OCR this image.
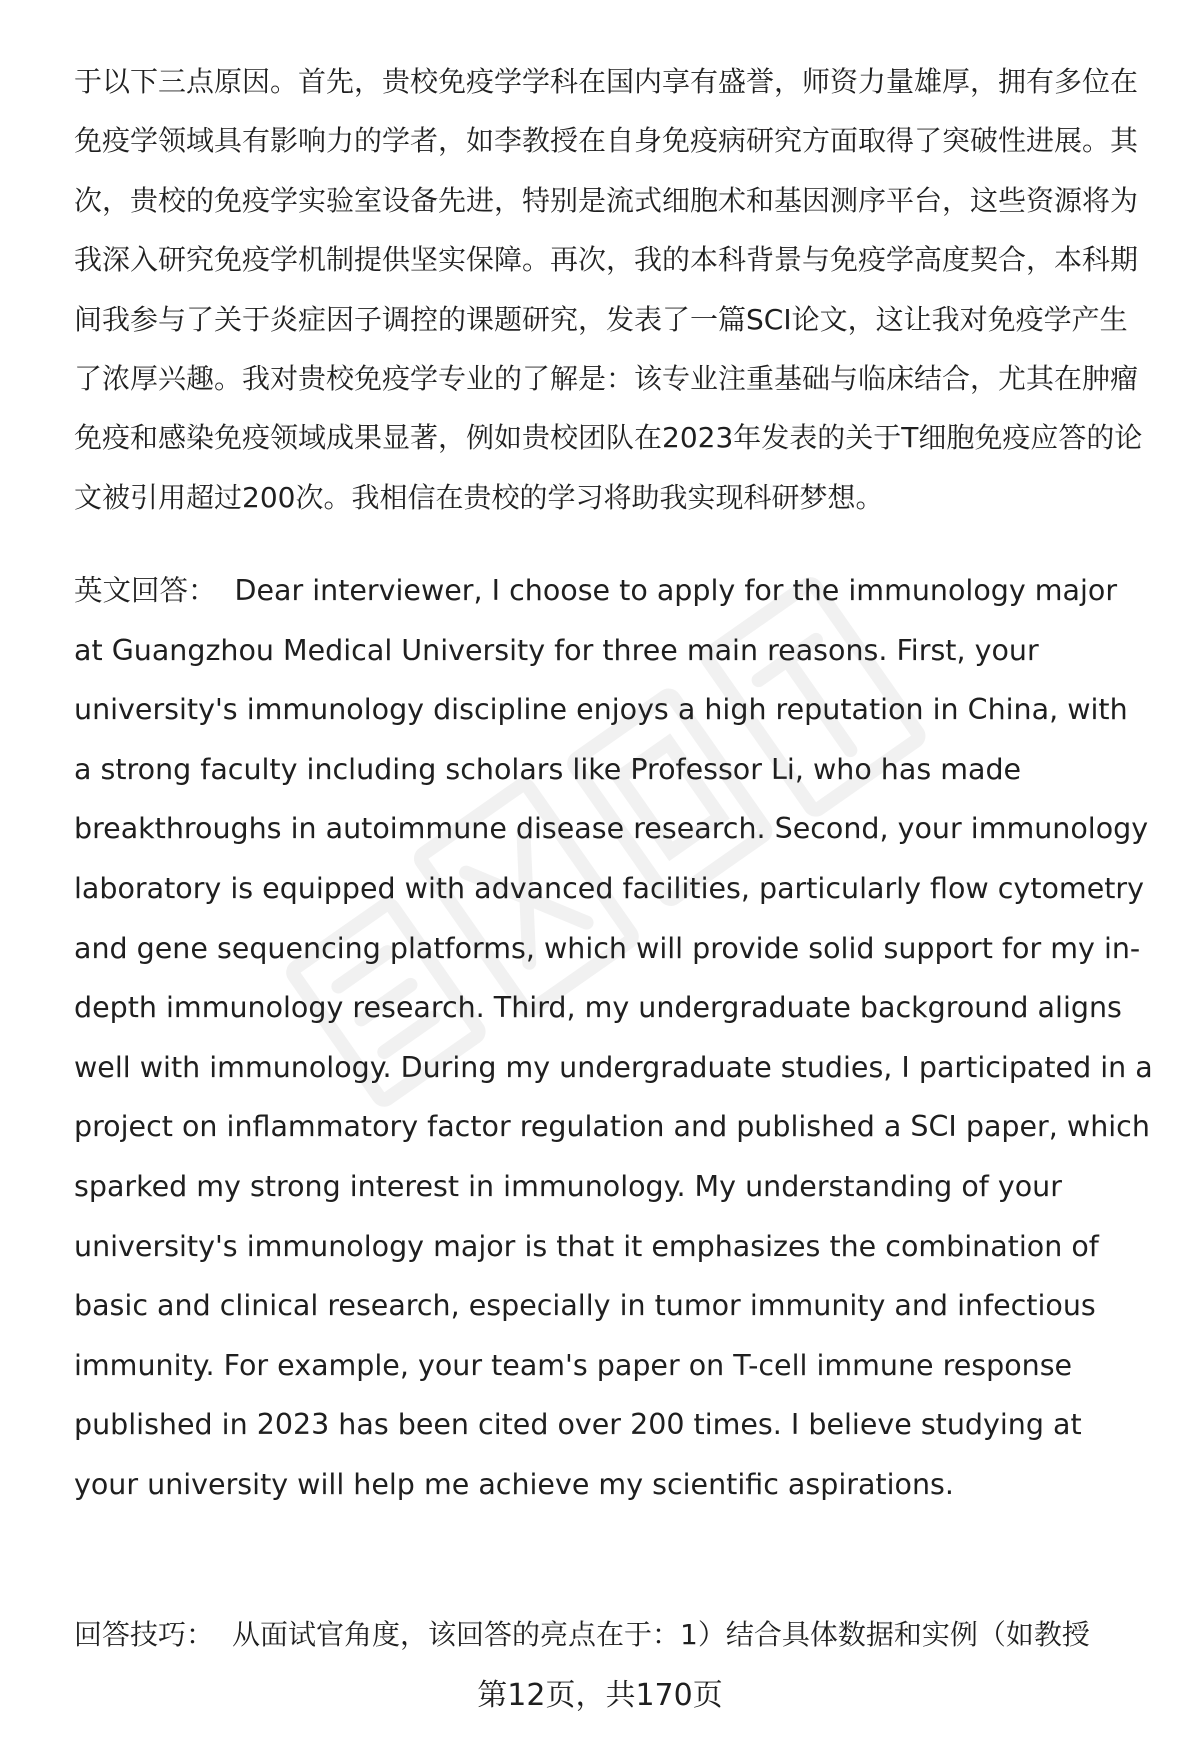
于以下三点原因。首先，贵校免疫学学科在国内享有盛誉，师资力量雄厚，拥有多位在免疫学领域具有影响力的学者，如李教授在自身免疫病研究方面取得了突破性进展。其次，贵校的免疫学实验室设备先进，特别是流式细胞术和基因测序平台，这些资源将为我深入研究免疫学机制提供坚实保障。再次，我的本科背景与免疫学高度契合，本科期间我参与了关于炎症因子调控的课题研究，发表了一篇SCI论文，这让我对免疫学产生了浓厚兴趣。我对贵校免疫学专业的了解是：该专业注重基础与临床结合，尤其在肿瘤免疫和感染免疫领域成果显著，例如贵校团队在2023年发表的关于T细胞免疫应答的论文被引用超过200次。我相信在贵校的学习将助我实现科研梦想。

英文回答： Dear interviewer, I choose to apply for the immunology major at Guangzhou Medical University for three main reasons. First, your university's immunology discipline enjoys a high reputation in China, with a strong faculty including scholars like Professor Li, who has made breakthroughs in autoimmune disease research. Second, your immunology laboratory is equipped with advanced facilities, particularly flow cytometry and gene sequencing platforms, which will provide solid support for my in-depth immunology research. Third, my undergraduate background aligns well with immunology. During my undergraduate studies, I participated in a project on inflammatory factor regulation and published a SCI paper, which sparked my strong interest in immunology. My understanding of your university's immunology major is that it emphasizes the combination of basic and clinical research, especially in tumor immunity and infectious immunity. For example, your team's paper on T-cell immune response published in 2023 has been cited over 200 times. I believe studying at your university will help me achieve my scientific aspirations.

回答技巧： 从面试官角度，该回答的亮点在于：1）结合具体数据和实例（如教授

第12页，共170页
